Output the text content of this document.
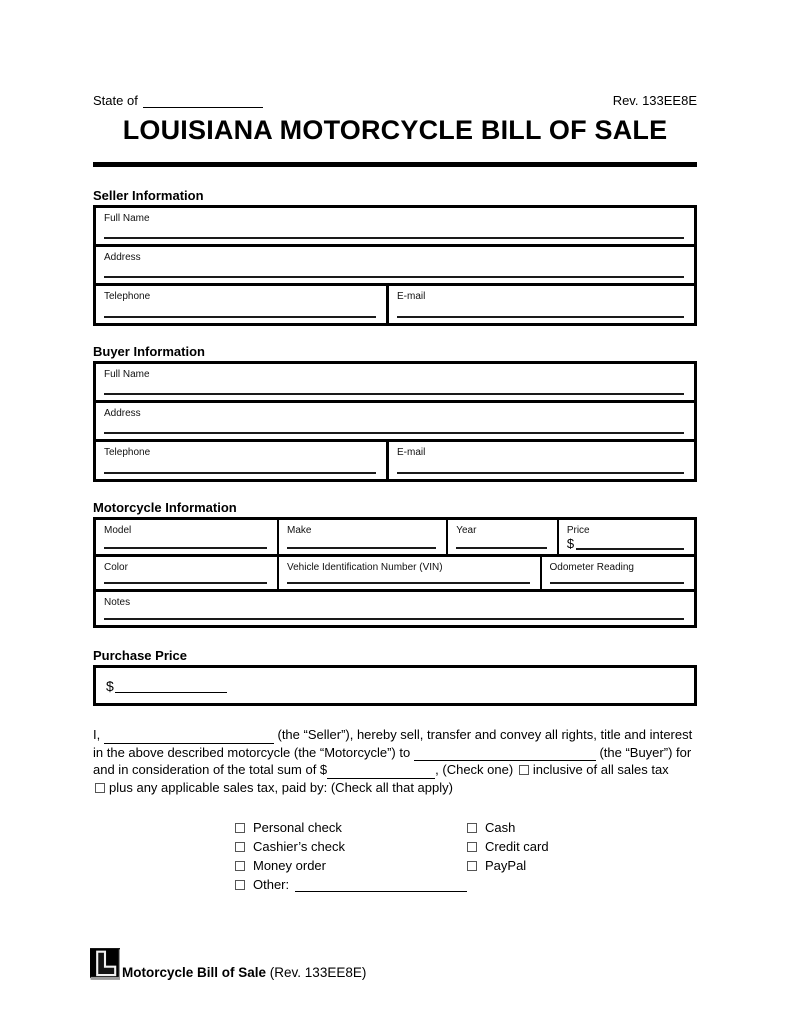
State of	Rev. 133EE8E
LOUISIANA MOTORCYCLE BILL OF SALE
Seller Information
Full Name
Address
Telephone	E-mail
Buyer Information
Full Name
Address
Telephone	E-mail
Motorcycle Information
Model	Make	Year	Price
$
Color	Vehicle Identification Number (VIN)	Odometer Reading
Notes
Purchase Price
$
I,	(the “Seller”), hereby sell, transfer and convey all rights, title and interest
in the above described motorcycle (the “Motorcycle”) to	(the “Buyer”) for
and in consideration of the total sum of $	, (Check one) inclusive of all sales tax
plus any applicable sales tax, paid by: (Check all that apply)
Personal check
Cashier’s check
Money order
Other:
Cash
Credit card
PayPal
Motorcycle Bill of Sale (Rev. 133EE8E)
